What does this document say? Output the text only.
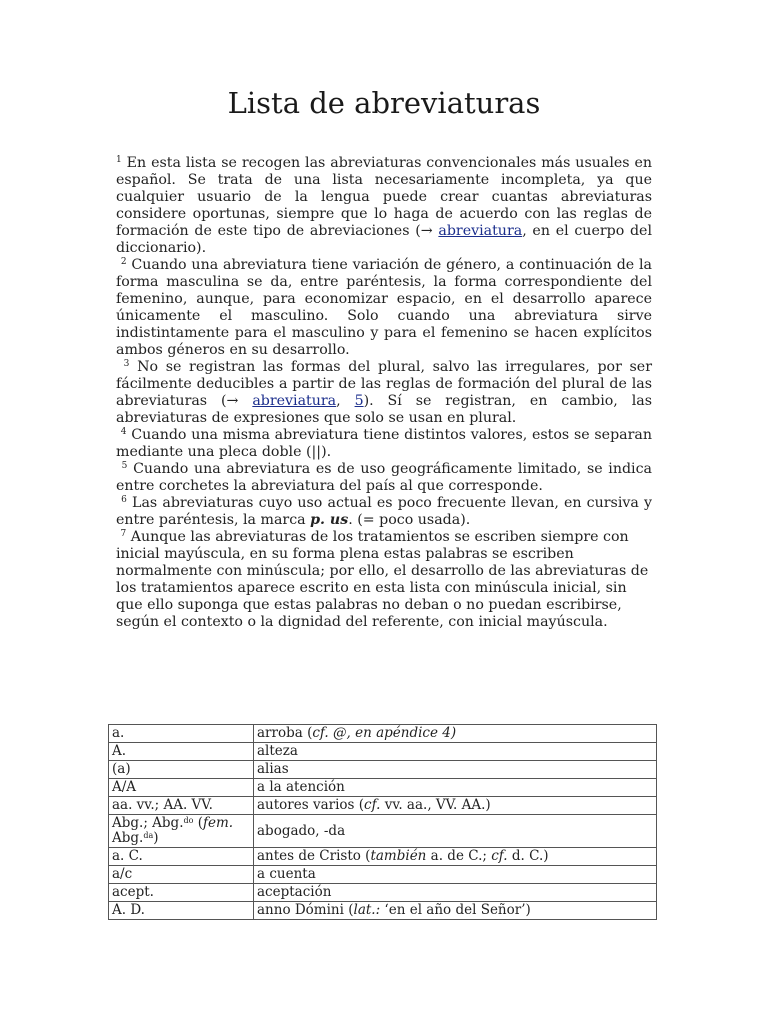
Lista de abreviaturas

$^1$ En esta lista se recogen las abreviaturas convencionales más usuales en español. Se trata de una lista necesariamente incompleta, ya que cualquier usuario de la lengua puede crear cuantas abreviaturas considere oportunas, siempre que lo haga de acuerdo con las reglas de formación de este tipo de abreviaciones (→ abreviatura, en el cuerpo del diccionario).

$^2$ Cuando una abreviatura tiene variación de género, a continuación de la forma masculina se da, entre paréntesis, la forma correspondiente del femenino, aunque, para economizar espacio, en el desarrollo aparece únicamente el masculino. Solo cuando una abreviatura sirve indistintamente para el masculino y para el femenino se hacen explícitos ambos géneros en su desarrollo.

$^3$ No se registran las formas del plural, salvo las irregulares, por ser fácilmente deducibles a partir de las reglas de formación del plural de las abreviaturas (→ abreviatura, 5). Sí se registran, en cambio, las abreviaturas de expresiones que solo se usan en plural.

$^4$ Cuando una misma abreviatura tiene distintos valores, estos se separan mediante una pleca doble (||).

$^5$ Cuando una abreviatura es de uso geográficamente limitado, se indica entre corchetes la abreviatura del país al que corresponde.

$^6$ Las abreviaturas cuyo uso actual es poco frecuente llevan, en cursiva y entre paréntesis, la marca p. us. (= poco usada).

$^7$ Aunque las abreviaturas de los tratamientos se escriben siempre con inicial mayúscula, en su forma plena estas palabras se escriben normalmente con minúscula; por ello, el desarrollo de las abreviaturas de los tratamientos aparece escrito en esta lista con minúscula inicial, sin que ello suponga que estas palabras no deban o no puedan escribirse, según el contexto o la dignidad del referente, con inicial mayúscula.

a.	arroba (cf. @, en apéndice 4)
A.	alteza
(a)	alias
A/A	a la atención
aa. vv.; AA. VV.	autores varios (cf. vv. aa., VV. AA.)
Abg.; Abg.$^{do}$ (fem. Abg.$^{da}$)	abogado, -da
a. C.	antes de Cristo (también a. de C.; cf. d. C.)
a/c	a cuenta
acept.	aceptación
A. D.	anno Dómini (lat.: ‘en el año del Señor’)
